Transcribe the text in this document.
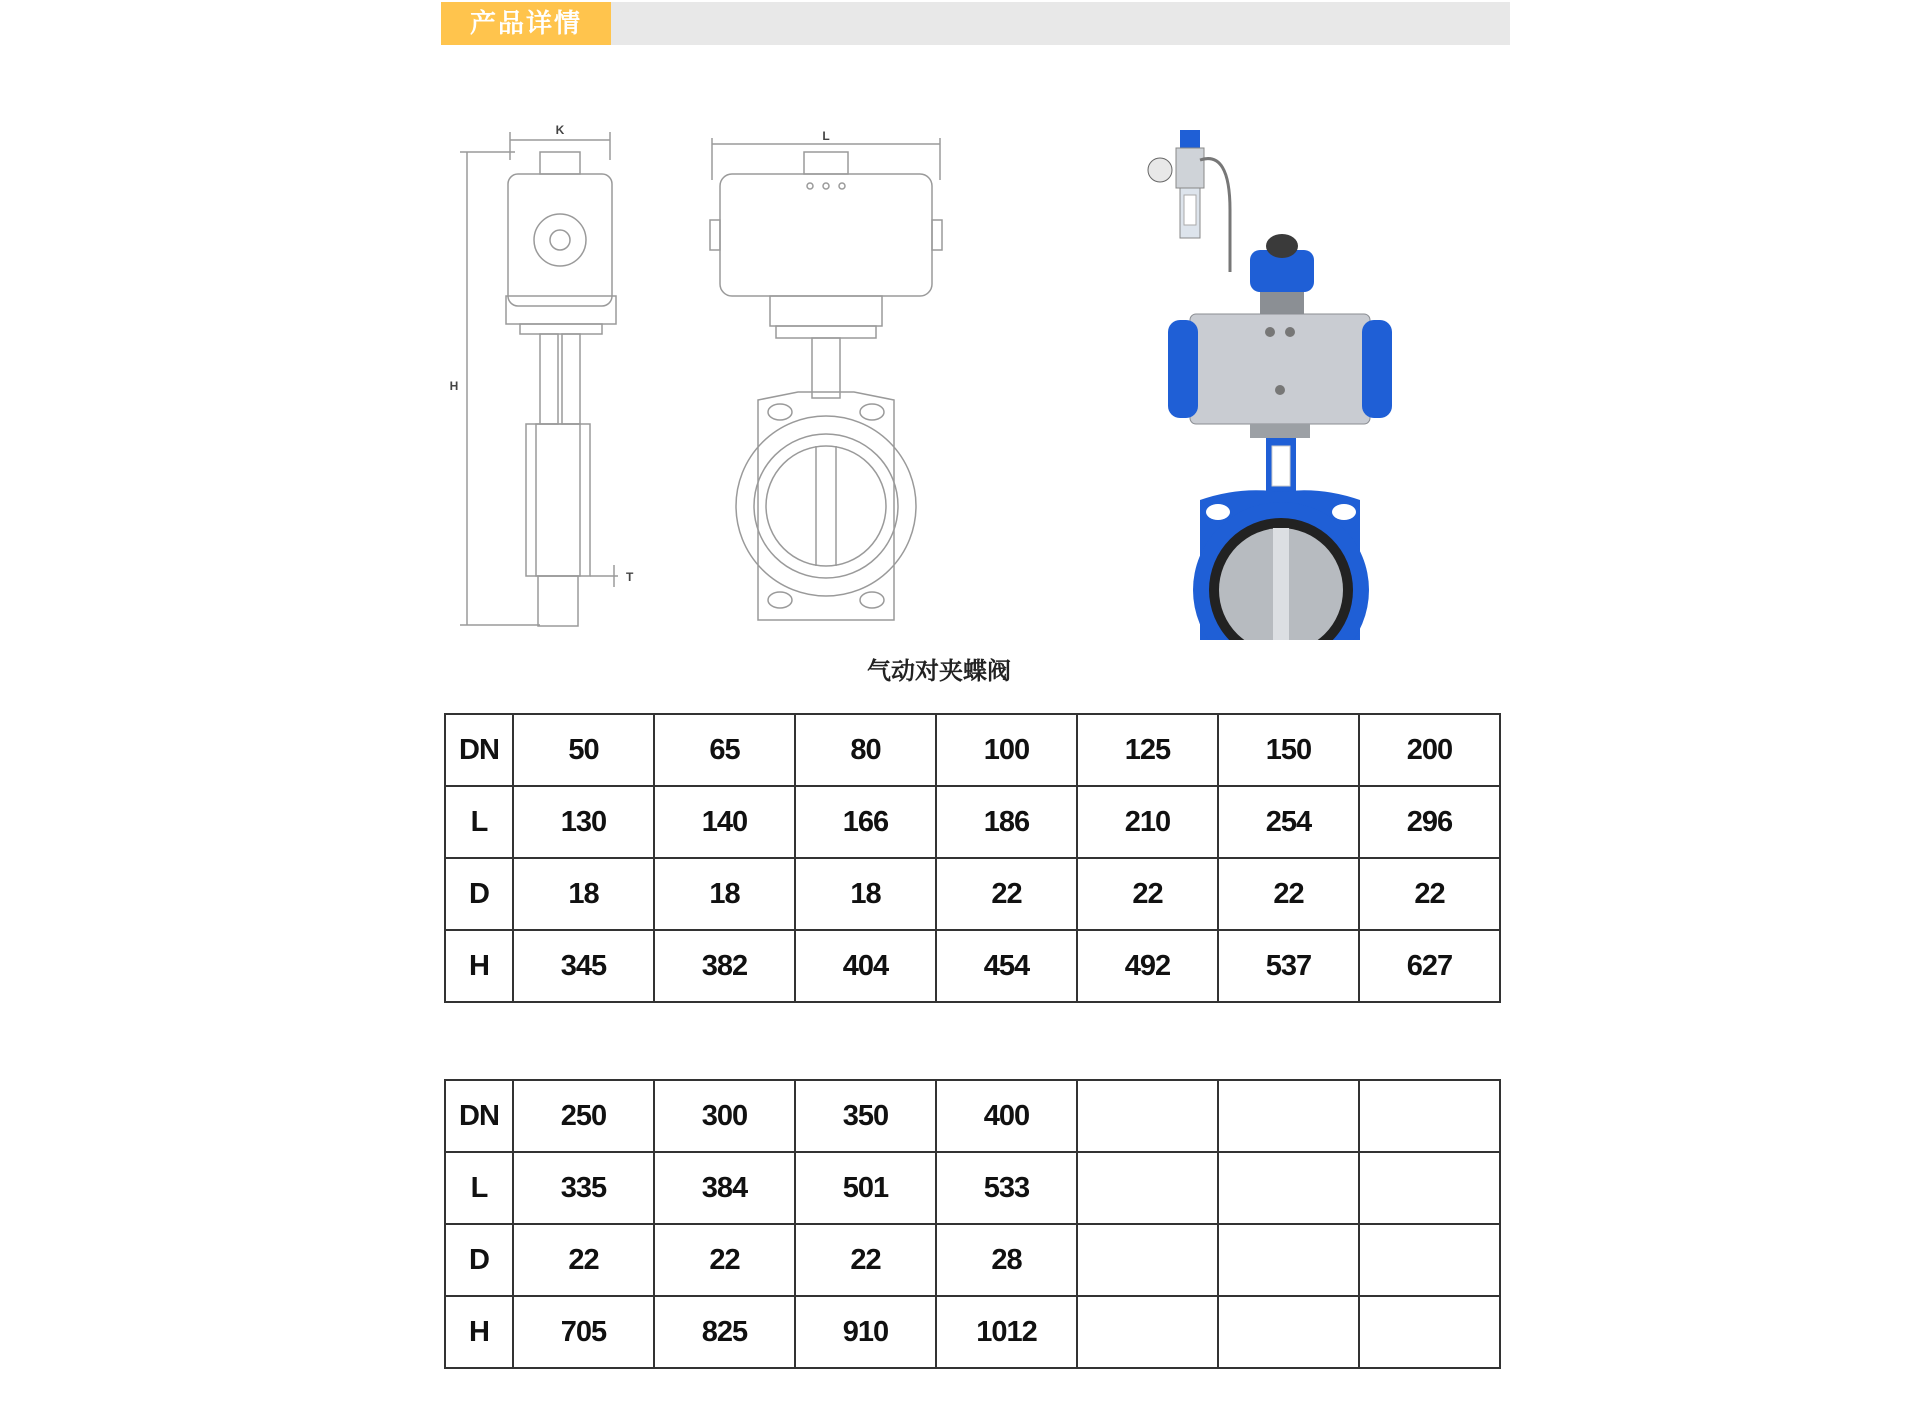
产品详情
K
H
T
L
气动对夹蝶阀
DN	50	65	80	100	125	150	200
L	130	140	166	186	210	254	296
D	18	18	18	22	22	22	22
H	345	382	404	454	492	537	627
DN	250	300	350	400			
L	335	384	501	533			
D	22	22	22	28			
H	705	825	910	1012			
